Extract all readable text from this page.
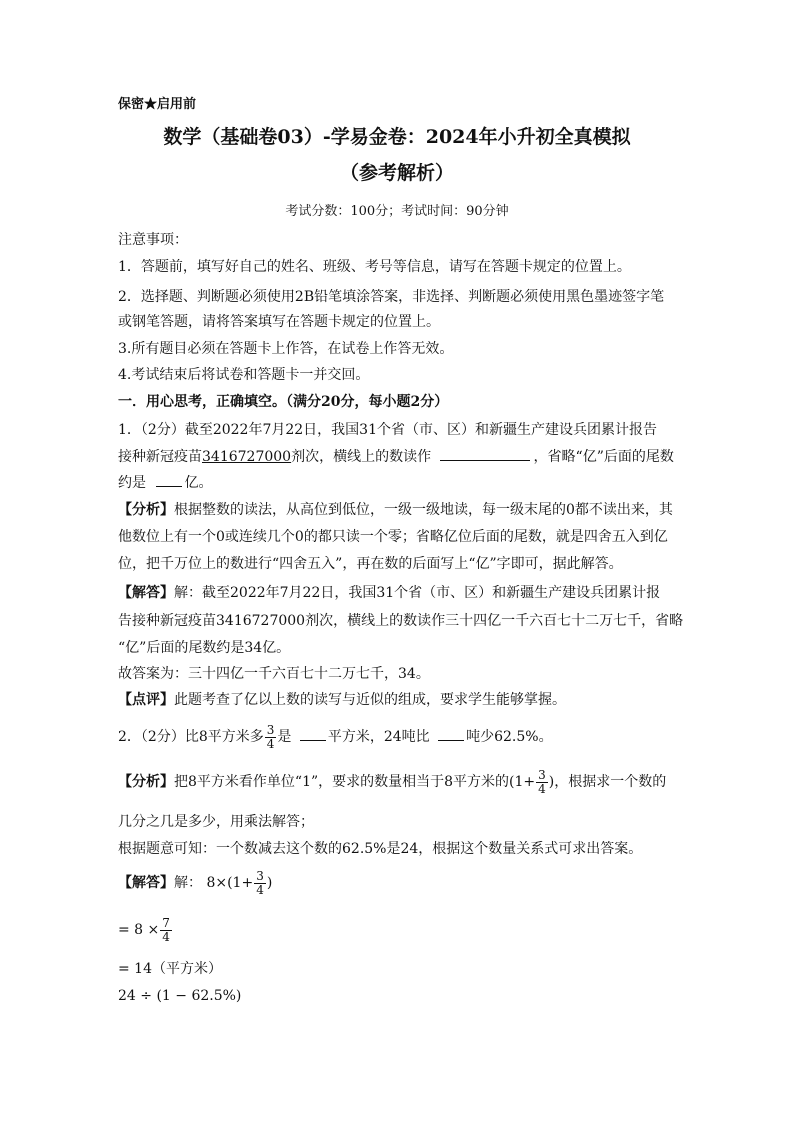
保密★启用前
数学（基础卷03）-学易金卷：2024年小升初全真模拟
（参考解析）
考试分数：100分；考试时间：90分钟
注意事项：
1．答题前，填写好自己的姓名、班级、考号等信息，请写在答题卡规定的位置上。
2．选择题、判断题必须使用2B铅笔填涂答案，非选择、判断题必须使用黑色墨迹签字笔
或钢笔答题，请将答案填写在答题卡规定的位置上。
3.所有题目必须在答题卡上作答，在试卷上作答无效。
4.考试结束后将试卷和答题卡一并交回。
一．用心思考，正确填空。（满分20分，每小题2分）
1．（2分）截至2022年7月22日，我国31个省（市、区）和新疆生产建设兵团累计报告
接种新冠疫苗3416727000剂次，横线上的数读作	，省略“亿”后面的尾数
约是	亿。
【分析】根据整数的读法，从高位到低位，一级一级地读，每一级末尾的0都不读出来，其
他数位上有一个0或连续几个0的都只读一个零；省略亿位后面的尾数，就是四舍五入到亿
位，把千万位上的数进行“四舍五入”，再在数的后面写上“亿”字即可，据此解答。
【解答】解：截至2022年7月22日，我国31个省（市、区）和新疆生产建设兵团累计报
告接种新冠疫苗3416727000剂次，横线上的数读作三十四亿一千六百七十二万七千，省略
“亿”后面的尾数约是34亿。
故答案为：三十四亿一千六百七十二万七千，34。
【点评】此题考查了亿以上数的读写与近似的组成，要求学生能够掌握。
2．（2分）比8平方米多 $\frac{3}{4}$ 是	平方米，24吨比	吨少62.5%。
【分析】把8平方米看作单位“1”，要求的数量相当于8平方米的($1+ \frac{3}{4}$ )，根据求一个数的
几分之几是多少，用乘法解答；
根据题意可知：一个数减去这个数的62.5%是24，根据这个数量关系式可求出答案。
【解答】解： $8\times(1+ \frac{3}{4}$ )
= $8 \times \frac{7}{4}$
= 14（平方米）
24 ÷ (1 − 62.5%)
